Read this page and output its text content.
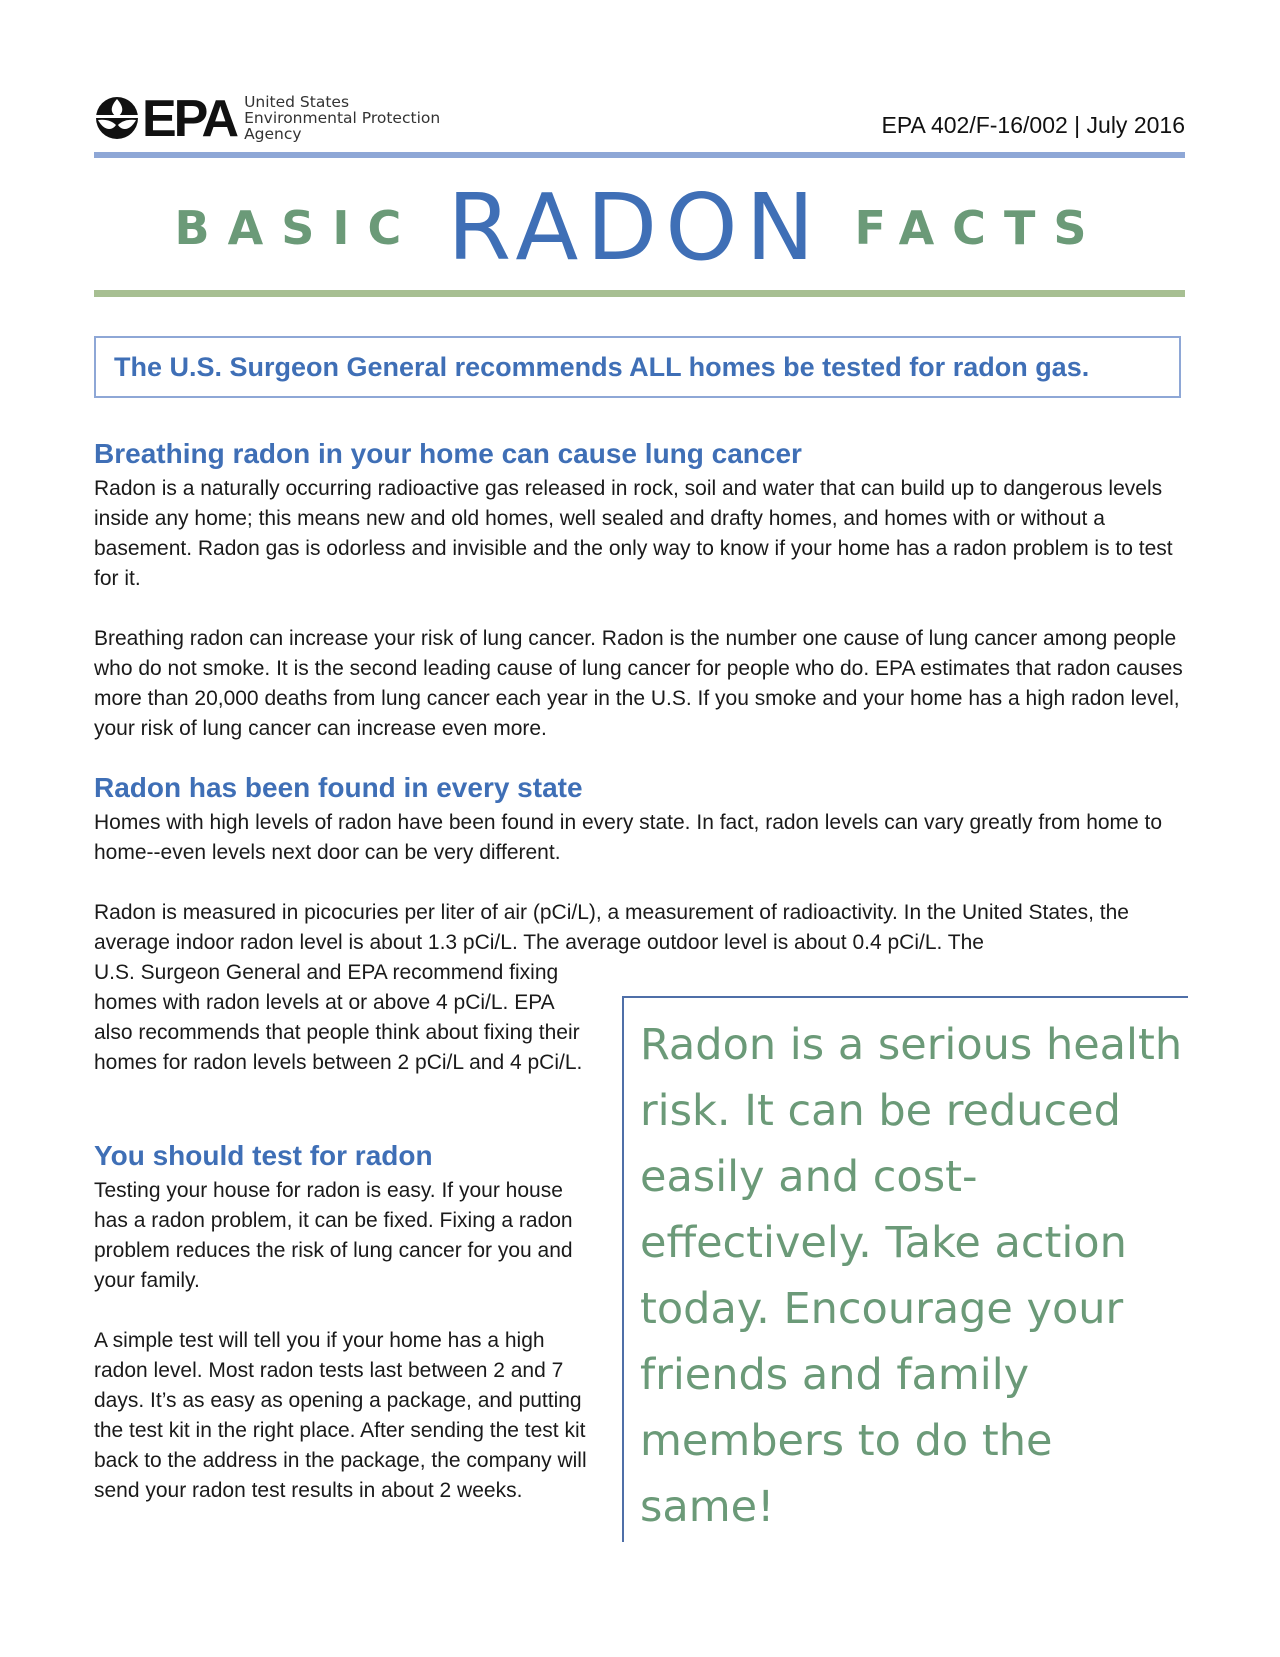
EPA United States
Environmental Protection
Agency	EPA 402/F-16/002 | July 2016
BASIC RADON FACTS
The U.S. Surgeon General recommends ALL homes be tested for radon gas.
Breathing radon in your home can cause lung cancer

Radon is a naturally occurring radioactive gas released in rock, soil and water that can build up to dangerous levels inside any home; this means new and old homes, well sealed and drafty homes, and homes with or without a basement. Radon gas is odorless and invisible and the only way to know if your home has a radon problem is to test for it.

Breathing radon can increase your risk of lung cancer. Radon is the number one cause of lung cancer among people who do not smoke. It is the second leading cause of lung cancer for people who do. EPA estimates that radon causes more than 20,000 deaths from lung cancer each year in the U.S. If you smoke and your home has a high radon level, your risk of lung cancer can increase even more.

Radon has been found in every state

Homes with high levels of radon have been found in every state. In fact, radon levels can vary greatly from home to home--even levels next door can be very different.

Radon is measured in picocuries per liter of air (pCi/L), a measurement of radioactivity. In the United States, the average indoor radon level is about 1.3 pCi/L. The average outdoor level is about 0.4 pCi/L. The

U.S. Surgeon General and EPA recommend fixing homes with radon levels at or above 4 pCi/L. EPA also recommends that people think about fixing their homes for radon levels between 2 pCi/L and 4 pCi/L.

You should test for radon

Testing your house for radon is easy. If your house has a radon problem, it can be fixed. Fixing a radon problem reduces the risk of lung cancer for you and your family.

A simple test will tell you if your home has a high radon level. Most radon tests last between 2 and 7 days. It’s as easy as opening a package, and putting the test kit in the right place. After sending the test kit back to the address in the package, the company will send your radon test results in about 2 weeks.

Radon is a serious health risk. It can be reduced easily and cost-effectively. Take action today. Encourage your friends and family members to do the same!
